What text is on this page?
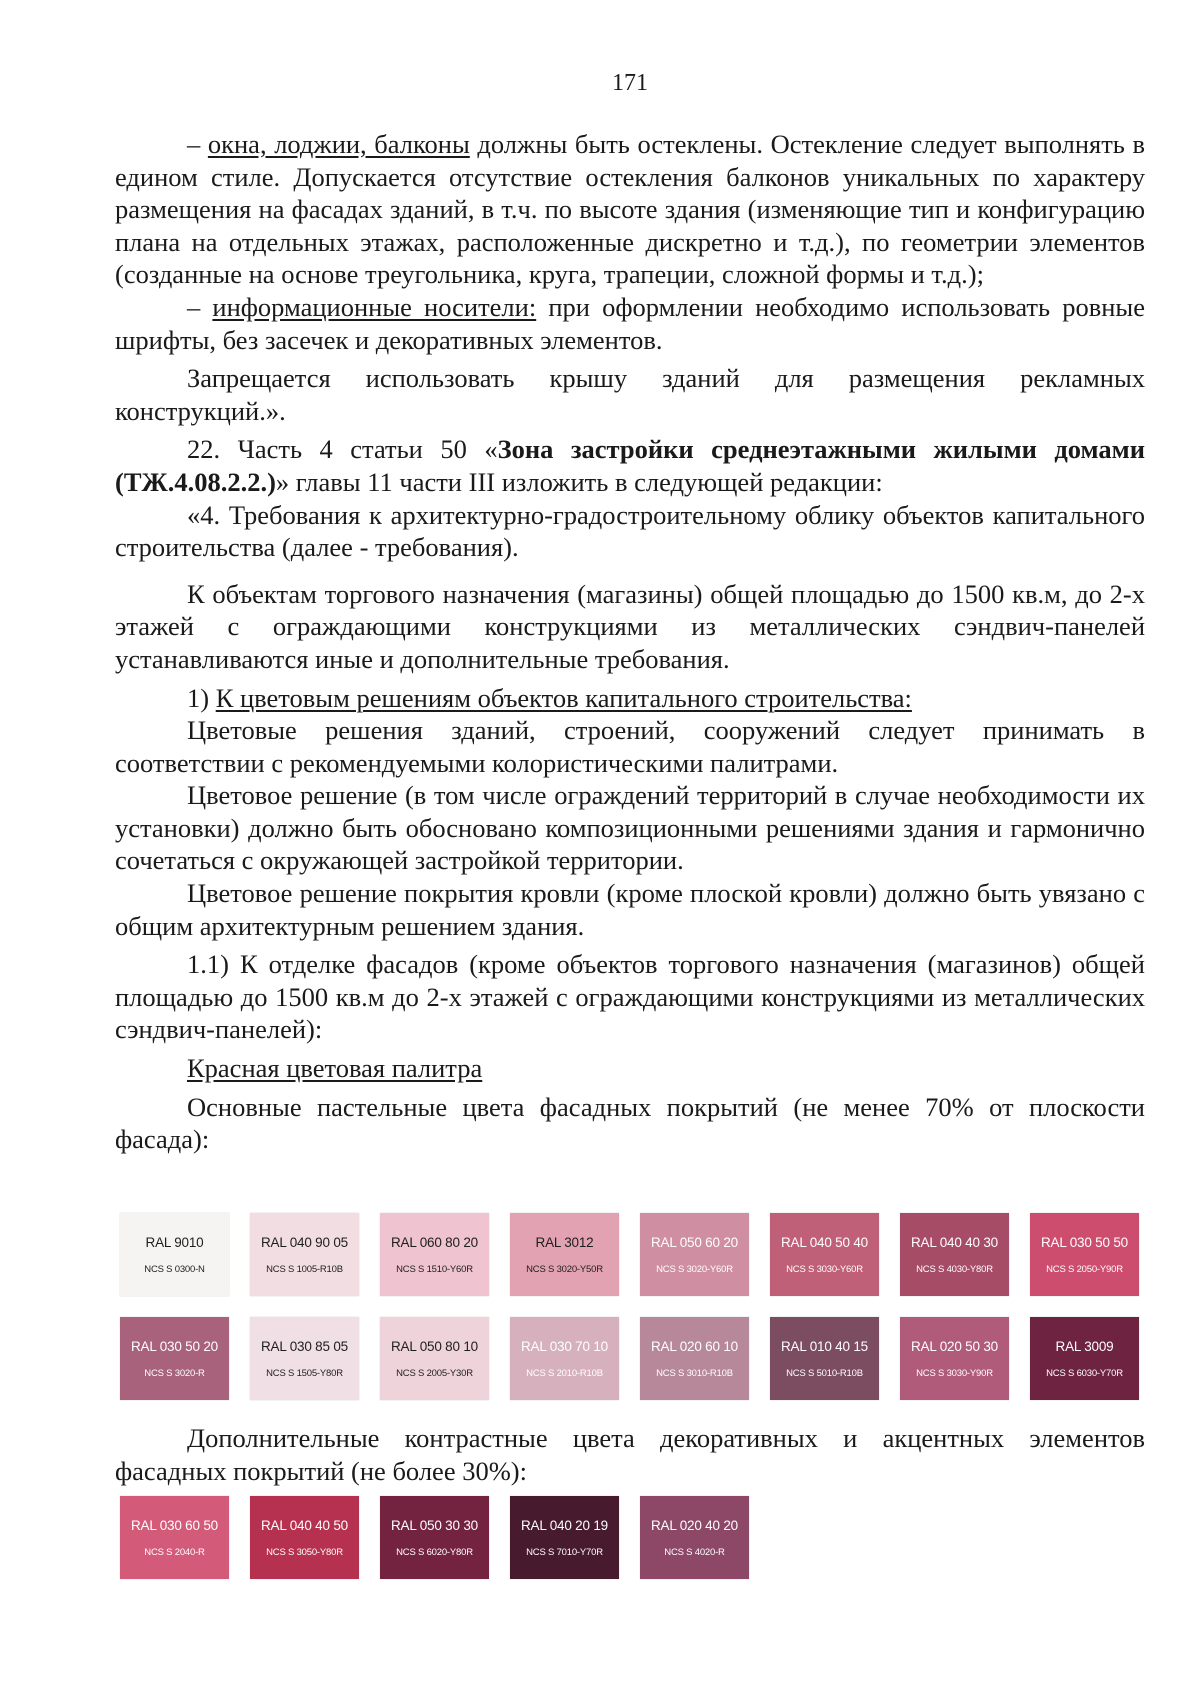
171

– окна, лоджии, балконы должны быть остеклены. Остекление следует выполнять в едином стиле. Допускается отсутствие остекления балконов уникальных по характеру размещения на фасадах зданий, в т.ч. по высоте здания (изменяющие тип и конфигурацию плана на отдельных этажах, расположенные дискретно и т.д.), по геометрии элементов (созданные на основе треугольника, круга, трапеции, сложной формы и т.д.);

– информационные носители: при оформлении необходимо использовать ровные шрифты, без засечек и декоративных элементов.

Запрещается использовать крышу зданий для размещения рекламных конструкций.».

22. Часть 4 статьи 50 «Зона застройки среднеэтажными жилыми домами (ТЖ.4.08.2.2.)» главы 11 части III изложить в следующей редакции:

«4. Требования к архитектурно-градостроительному облику объектов капитального строительства (далее - требования).

К объектам торгового назначения (магазины) общей площадью до 1500 кв.м, до 2-х этажей с ограждающими конструкциями из металлических сэндвич-панелей устанавливаются иные и дополнительные требования.

1) К цветовым решениям объектов капитального строительства:

Цветовые решения зданий, строений, сооружений следует принимать в соответствии с рекомендуемыми колористическими палитрами.

Цветовое решение (в том числе ограждений территорий в случае необходимости их установки) должно быть обосновано композиционными решениями здания и гармонично сочетаться с окружающей застройкой территории.

Цветовое решение покрытия кровли (кроме плоской кровли) должно быть увязано с общим архитектурным решением здания.

1.1) К отделке фасадов (кроме объектов торгового назначения (магазинов) общей площадью до 1500 кв.м до 2-х этажей с ограждающими конструкциями из металлических сэндвич-панелей):

Красная цветовая палитра

Основные пастельные цвета фасадных покрытий (не менее 70% от плоскости фасада):

RAL 9010
NCS S 0300-N
RAL 040 90 05
NCS S 1005-R10B
RAL 060 80 20
NCS S 1510-Y60R
RAL 3012
NCS S 3020-Y50R
RAL 050 60 20
NCS S 3020-Y60R
RAL 040 50 40
NCS S 3030-Y60R
RAL 040 40 30
NCS S 4030-Y80R
RAL 030 50 50
NCS S 2050-Y90R
RAL 030 50 20
NCS S 3020-R
RAL 030 85 05
NCS S 1505-Y80R
RAL 050 80 10
NCS S 2005-Y30R
RAL 030 70 10
NCS S 2010-R10B
RAL 020 60 10
NCS S 3010-R10B
RAL 010 40 15
NCS S 5010-R10B
RAL 020 50 30
NCS S 3030-Y90R
RAL 3009
NCS S 6030-Y70R

Дополнительные контрастные цвета декоративных и акцентных элементов фасадных покрытий (не более 30%):

RAL 030 60 50
NCS S 2040-R
RAL 040 40 50
NCS S 3050-Y80R
RAL 050 30 30
NCS S 6020-Y80R
RAL 040 20 19
NCS S 7010-Y70R
RAL 020 40 20
NCS S 4020-R
